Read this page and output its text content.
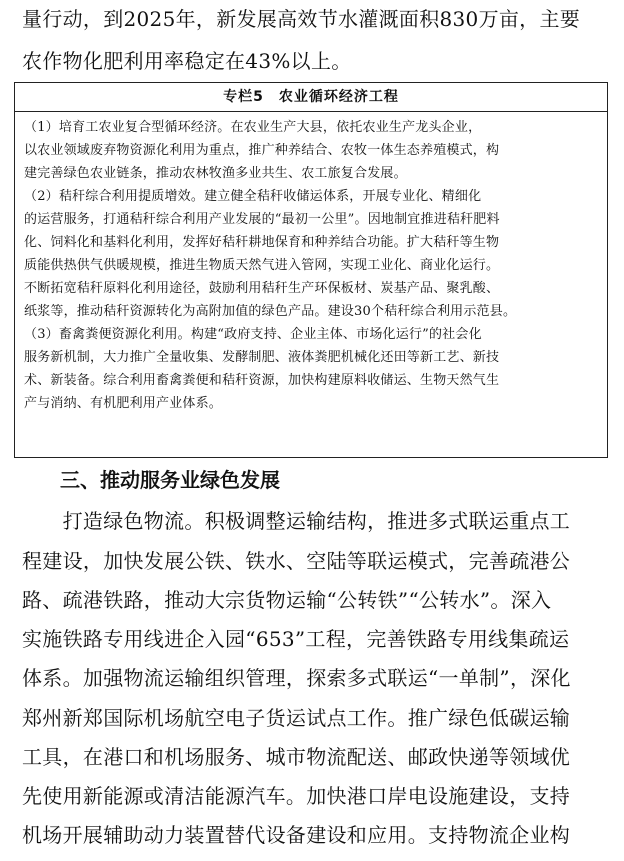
量行动，到2025年，新发展高效节水灌溉面积830万亩，主要
农作物化肥利用率稳定在43%以上。
专栏5　农业循环经济工程
（1）培育工农业复合型循环经济。在农业生产大县，依托农业生产龙头企业，
以农业领域废弃物资源化利用为重点，推广种养结合、农牧一体生态养殖模式，构
建完善绿色农业链条，推动农林牧渔多业共生、农工旅复合发展。
（2）秸秆综合利用提质增效。建立健全秸秆收储运体系，开展专业化、精细化
的运营服务，打通秸秆综合利用产业发展的“最初一公里”。因地制宜推进秸秆肥料
化、饲料化和基料化利用，发挥好秸秆耕地保育和种养结合功能。扩大秸秆等生物
质能供热供气供暖规模，推进生物质天然气进入管网，实现工业化、商业化运行。
不断拓宽秸秆原料化利用途径，鼓励利用秸秆生产环保板材、炭基产品、聚乳酸、
纸浆等，推动秸秆资源转化为高附加值的绿色产品。建设30个秸秆综合利用示范县。
（3）畜禽粪便资源化利用。构建“政府支持、企业主体、市场化运行”的社会化
服务新机制，大力推广全量收集、发酵制肥、液体粪肥机械化还田等新工艺、新技
术、新装备。综合利用畜禽粪便和秸秆资源，加快构建原料收储运、生物天然气生
产与消纳、有机肥利用产业体系。
三、推动服务业绿色发展
　　打造绿色物流。积极调整运输结构，推进多式联运重点工
程建设，加快发展公铁、铁水、空陆等联运模式，完善疏港公
路、疏港铁路，推动大宗货物运输“公转铁”“公转水”。深入
实施铁路专用线进企入园“653”工程，完善铁路专用线集疏运
体系。加强物流运输组织管理，探索多式联运“一单制”，深化
郑州新郑国际机场航空电子货运试点工作。推广绿色低碳运输
工具，在港口和机场服务、城市物流配送、邮政快递等领域优
先使用新能源或清洁能源汽车。加快港口岸电设施建设，支持
机场开展辅助动力装置替代设备建设和应用。支持物流企业构
